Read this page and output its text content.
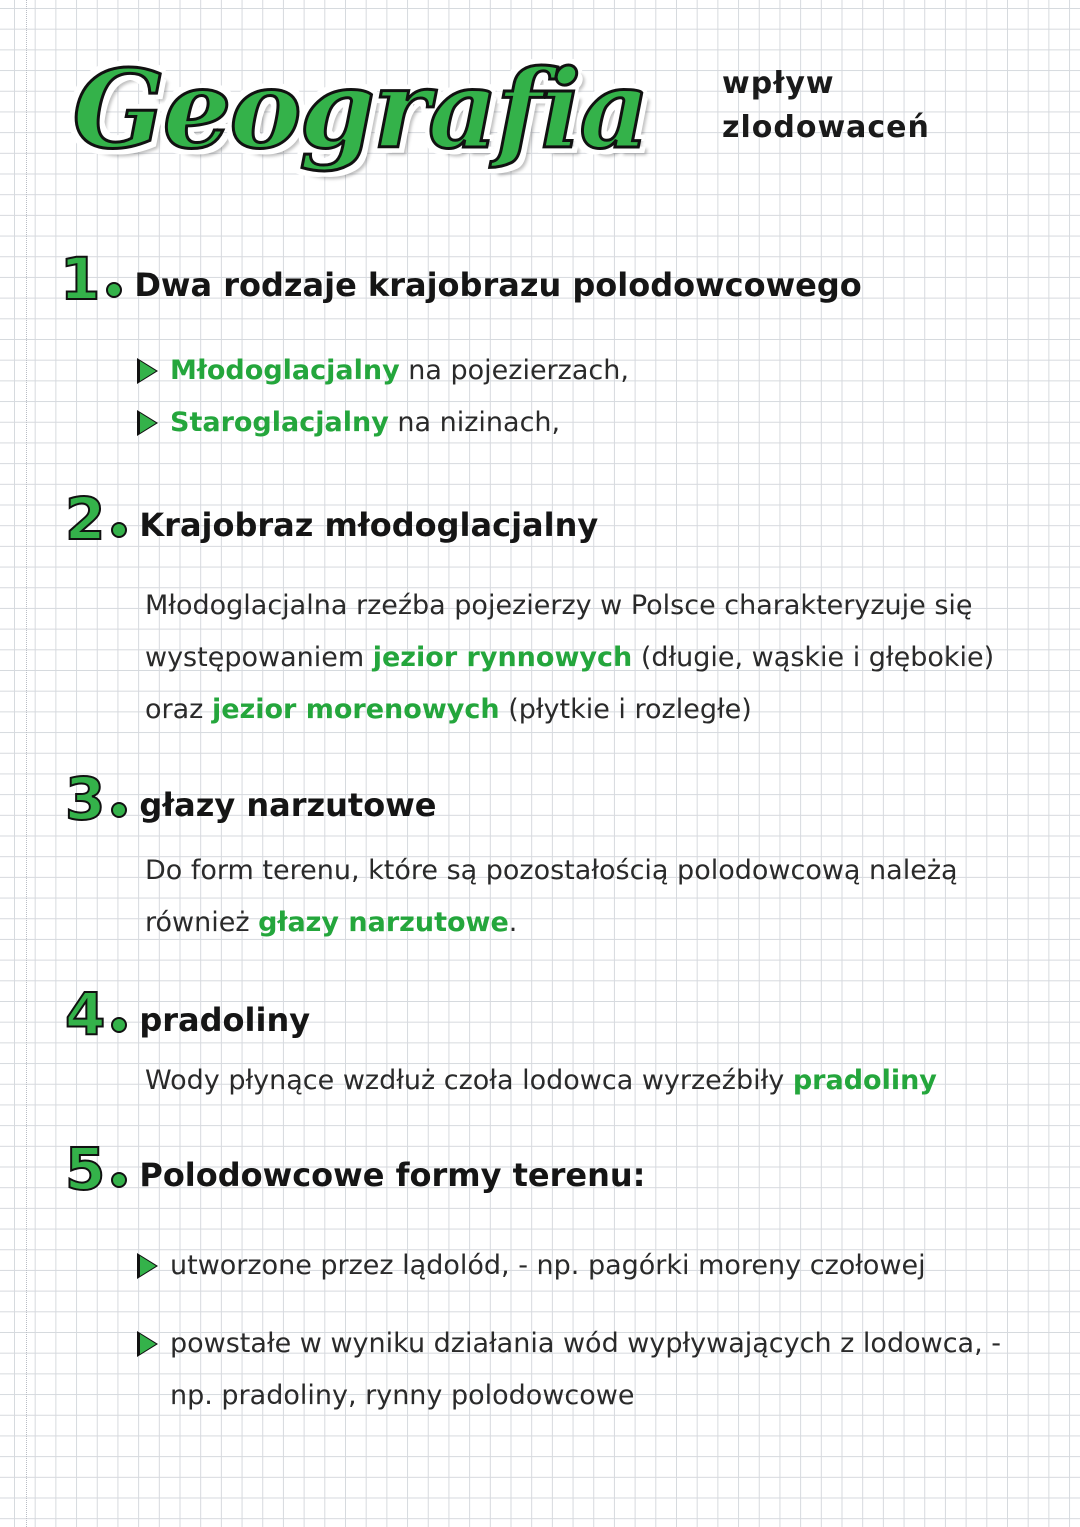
Geografia	wpływ
zlodowaceń
1 Dwa rodzaje krajobrazu polodowcowego
Młodoglacjalny na pojezierzach,
Staroglacjalny na nizinach,
2 Krajobraz młodoglacjalny

Młodoglacjalna rzeźba pojezierzy w Polsce charakteryzuje się występowaniem jezior rynnowych (długie, wąskie i głębokie) oraz jezior morenowych (płytkie i rozległe)

3 głazy narzutowe

Do form terenu, które są pozostałością polodowcową należą również głazy narzutowe.

4 pradoliny

Wody płynące wzdłuż czoła lodowca wyrzeźbiły pradoliny

5 Polodowcowe formy terenu:
utworzone przez lądolód, - np. pagórki moreny czołowej
powstałe w wyniku działania wód wypływających z lodowca, - np. pradoliny, rynny polodowcowe
